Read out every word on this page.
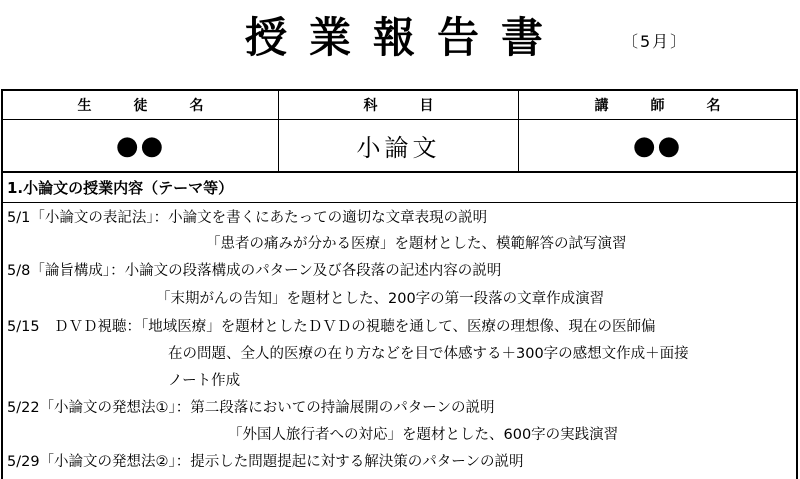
授業報告書	〔5月〕
生　　　徒　　　名	科　　　目	講　　　師　　　名
●●	小論文	●●
1.小論文の授業内容（テーマ等）
5/1「小論文の表記法」：小論文を書くにあたっての適切な文章表現の説明
「患者の痛みが分かる医療」を題材とした、模範解答の試写演習
5/8「論旨構成」：小論文の段落構成のパターン及び各段落の記述内容の説明
「末期がんの告知」を題材とした、200字の第一段落の文章作成演習
5/15　ＤＶＤ視聴：「地域医療」を題材としたＤＶＤの視聴を通して、医療の理想像、現在の医師偏
在の問題、全人的医療の在り方などを目で体感する＋300字の感想文作成＋面接
ノート作成
5/22「小論文の発想法①」：第二段落においての持論展開のパターンの説明
「外国人旅行者への対応」を題材とした、600字の実践演習
5/29「小論文の発想法②」：提示した問題提起に対する解決策のパターンの説明
